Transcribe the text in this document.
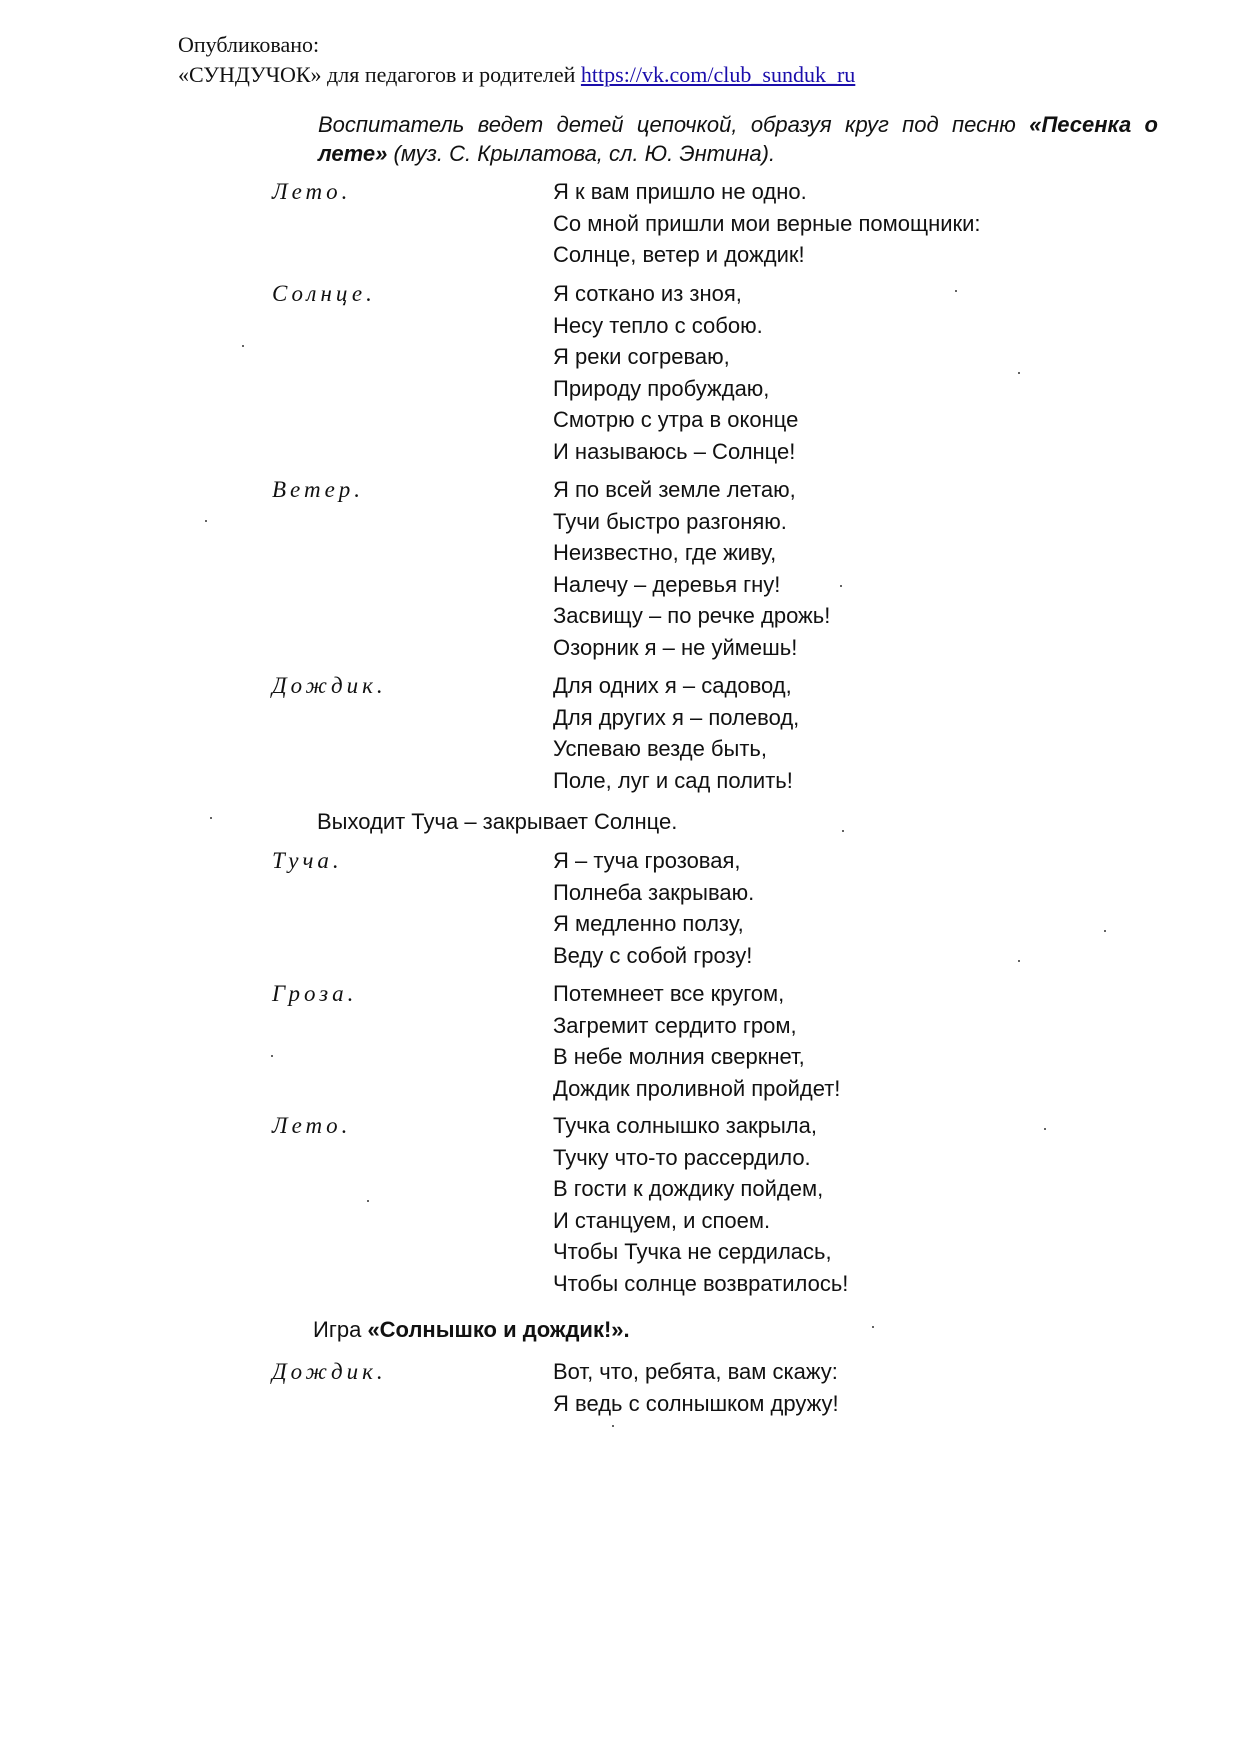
Опубликовано:
«СУНДУЧОК» для педагогов и родителей https://vk.com/club_sunduk_ru
Воспитатель ведет детей цепочкой, образуя круг под песню «Песенка о лете» (муз. С. Крылатова, сл. Ю. Энтина).
Лето.	Я к вам пришло не одно.
Со мной пришли мои верные помощники:
Солнце, ветер и дождик!
Солнце.	Я соткано из зноя,
Несу тепло с собою.
Я реки согреваю,
Природу пробуждаю,
Смотрю с утра в оконце
И называюсь – Солнце!
Ветер.	Я по всей земле летаю,
Тучи быстро разгоняю.
Неизвестно, где живу,
Налечу – деревья гну!
Засвищу – по речке дрожь!
Озорник я – не уймешь!
Дождик.	Для одних я – садовод,
Для других я – полевод,
Успеваю везде быть,
Поле, луг и сад полить!
Выходит Туча – закрывает Солнце.
Туча.	Я – туча грозовая,
Полнеба закрываю.
Я медленно ползу,
Веду с собой грозу!
Гроза.	Потемнеет все кругом,
Загремит сердито гром,
В небе молния сверкнет,
Дождик проливной пройдет!
Лето.	Тучка солнышко закрыла,
Тучку что-то рассердило.
В гости к дождику пойдем,
И станцуем, и споем.
Чтобы Тучка не сердилась,
Чтобы солнце возвратилось!
Игра «Солнышко и дождик!».
Дождик.	Вот, что, ребята, вам скажу:
Я ведь с солнышком дружу!
